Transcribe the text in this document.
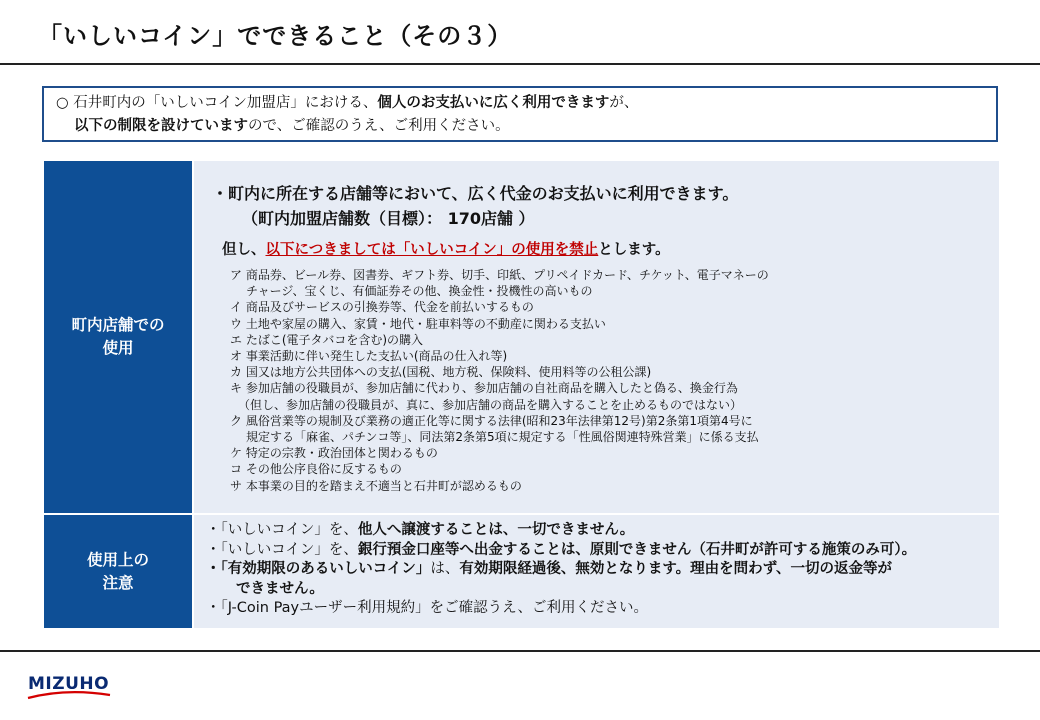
「いしいコイン」でできること（その３）
○ 石井町内の「いしいコイン加盟店」における、個人のお支払いに広く利用できますが、
以下の制限を設けていますので、ご確認のうえ、ご利用ください。
町内店舗での
使用
・町内に所在する店舗等において、広く代金のお支払いに利用できます。
（町内加盟店舗数（目標）： 170店舗 ）
但し、以下につきましては「いしいコイン」の使用を禁止とします。
ア 商品券、ビール券、図書券、ギフト券、切手、印紙、プリペイドカード、チケット、電子マネーの
チャージ、宝くじ、有価証券その他、換金性・投機性の高いもの
イ 商品及びサービスの引換券等、代金を前払いするもの
ウ 土地や家屋の購入、家賃・地代・駐車料等の不動産に関わる支払い
エ たばこ(電子タバコを含む)の購入
オ 事業活動に伴い発生した支払い(商品の仕入れ等)
カ 国又は地方公共団体への支払(国税、地方税、保険料、使用料等の公租公課)
キ 参加店舗の役職員が、参加店舗に代わり、参加店舗の自社商品を購入したと偽る、換金行為
（但し、参加店舗の役職員が、真に、参加店舗の商品を購入することを止めるものではない）
ク 風俗営業等の規制及び業務の適正化等に関する法律(昭和23年法律第12号)第2条第1項第4号に
規定する「麻雀、パチンコ等」、同法第2条第5項に規定する「性風俗関連特殊営業」に係る支払
ケ 特定の宗教・政治団体と関わるもの
コ その他公序良俗に反するもの
サ 本事業の目的を踏まえ不適当と石井町が認めるもの
使用上の
注意
・「いしいコイン」を、他人へ譲渡することは、一切できません。
・「いしいコイン」を、銀行預金口座等へ出金することは、原則できません（石井町が許可する施策のみ可）。
・「有効期限のあるいしいコイン」は、有効期限経過後、無効となります。理由を問わず、一切の返金等が
できません。
・「J-Coin Payユーザー利用規約」をご確認うえ、ご利用ください。
MIZUHO
